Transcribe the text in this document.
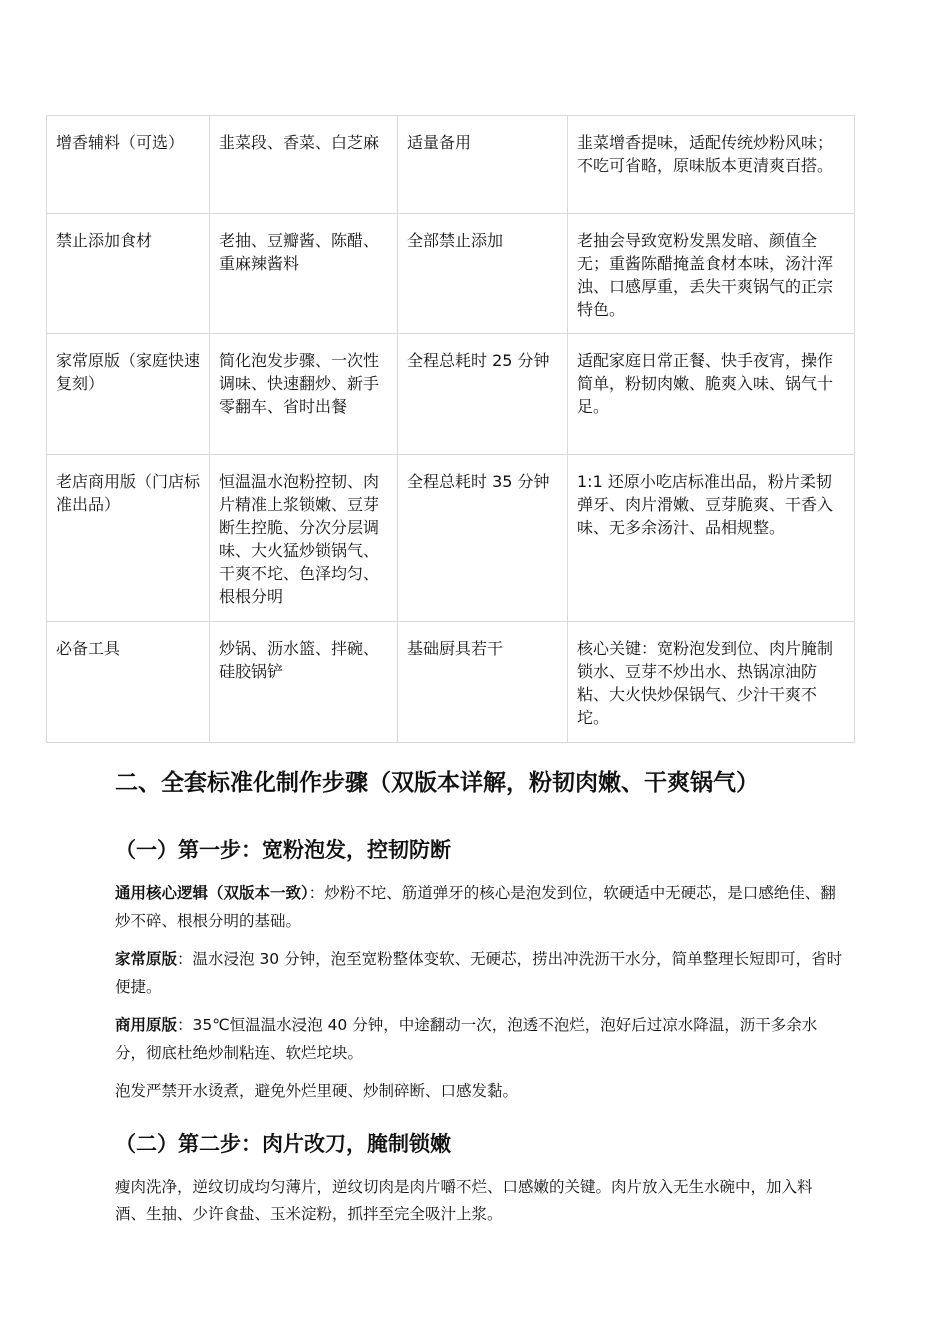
增香辅料（可选）	韭菜段、香菜、白芝麻	适量备用	韭菜增香提味，适配传统炒粉风味；不吃可省略，原味版本更清爽百搭。
禁止添加食材	老抽、豆瓣酱、陈醋、重麻辣酱料	全部禁止添加	老抽会导致宽粉发黑发暗、颜值全无；重酱陈醋掩盖食材本味，汤汁浑浊、口感厚重，丢失干爽锅气的正宗特色。
家常原版（家庭快速复刻）	简化泡发步骤、一次性调味、快速翻炒、新手零翻车、省时出餐	全程总耗时 25 分钟	适配家庭日常正餐、快手夜宵，操作简单，粉韧肉嫩、脆爽入味、锅气十足。
老店商用版（门店标准出品）	恒温温水泡粉控韧、肉片精准上浆锁嫩、豆芽断生控脆、分次分层调味、大火猛炒锁锅气、干爽不坨、色泽均匀、根根分明	全程总耗时 35 分钟	1:1 还原小吃店标准出品，粉片柔韧弹牙、肉片滑嫩、豆芽脆爽、干香入味、无多余汤汁、品相规整。
必备工具	炒锅、沥水篮、拌碗、硅胶锅铲	基础厨具若干	核心关键：宽粉泡发到位、肉片腌制锁水、豆芽不炒出水、热锅凉油防粘、大火快炒保锅气、少汁干爽不坨。
二、全套标准化制作步骤（双版本详解，粉韧肉嫩、干爽锅气）
（一）第一步：宽粉泡发，控韧防断

通用核心逻辑（双版本一致）：炒粉不坨、筋道弹牙的核心是泡发到位，软硬适中无硬芯，是口感绝佳、翻炒不碎、根根分明的基础。

家常原版：温水浸泡 30 分钟，泡至宽粉整体变软、无硬芯，捞出冲洗沥干水分，简单整理长短即可，省时便捷。

商用原版：35℃恒温温水浸泡 40 分钟，中途翻动一次，泡透不泡烂，泡好后过凉水降温，沥干多余水分，彻底杜绝炒制粘连、软烂坨块。

泡发严禁开水烫煮，避免外烂里硬、炒制碎断、口感发黏。

（二）第二步：肉片改刀，腌制锁嫩

瘦肉洗净，逆纹切成均匀薄片，逆纹切肉是肉片嚼不烂、口感嫩的关键。肉片放入无生水碗中，加入料酒、生抽、少许食盐、玉米淀粉，抓拌至完全吸汁上浆。
